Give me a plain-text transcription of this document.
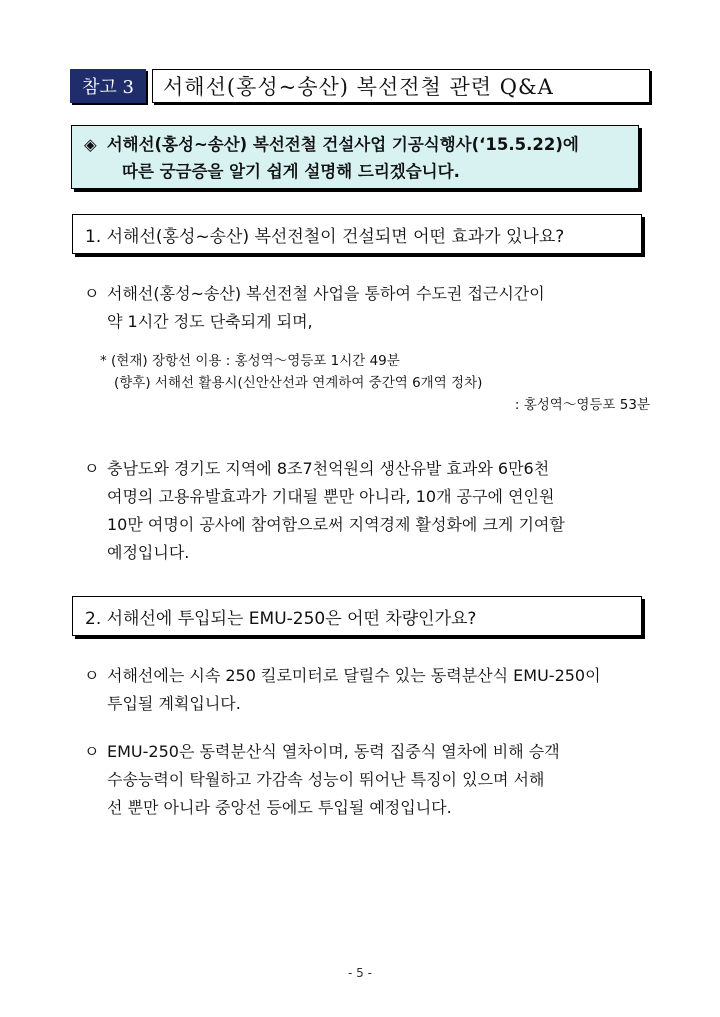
참고 3	서해선(홍성~송산) 복선전철 관련 Q&A
◈ 서해선(홍성~송산) 복선전철 건설사업 기공식행사(‘15.5.22)에
따른 궁금증을 알기 쉽게 설명해 드리겠습니다.
1. 서해선(홍성~송산) 복선전철이 건설되면 어떤 효과가 있나요?
ㅇ 서해선(홍성~송산) 복선전철 사업을 통하여 수도권 접근시간이
약 1시간 정도 단축되게 되며,
* (현재) 장항선 이용 : 홍성역～영등포 1시간 49분
(향후) 서해선 활용시(신안산선과 연계하여 중간역 6개역 정차)
: 홍성역～영등포 53분
ㅇ 충남도와 경기도 지역에 8조7천억원의 생산유발 효과와 6만6천
여명의 고용유발효과가 기대될 뿐만 아니라, 10개 공구에 연인원
10만 여명이 공사에 참여함으로써 지역경제 활성화에 크게 기여할
예정입니다.
2. 서해선에 투입되는 EMU-250은 어떤 차량인가요?
ㅇ 서해선에는 시속 250 킬로미터로 달릴수 있는 동력분산식 EMU-250이
투입될 계획입니다.
ㅇ EMU-250은 동력분산식 열차이며, 동력 집중식 열차에 비해 승객
수송능력이 탁월하고 가감속 성능이 뛰어난 특징이 있으며 서해
선 뿐만 아니라 중앙선 등에도 투입될 예정입니다.
- 5 -
